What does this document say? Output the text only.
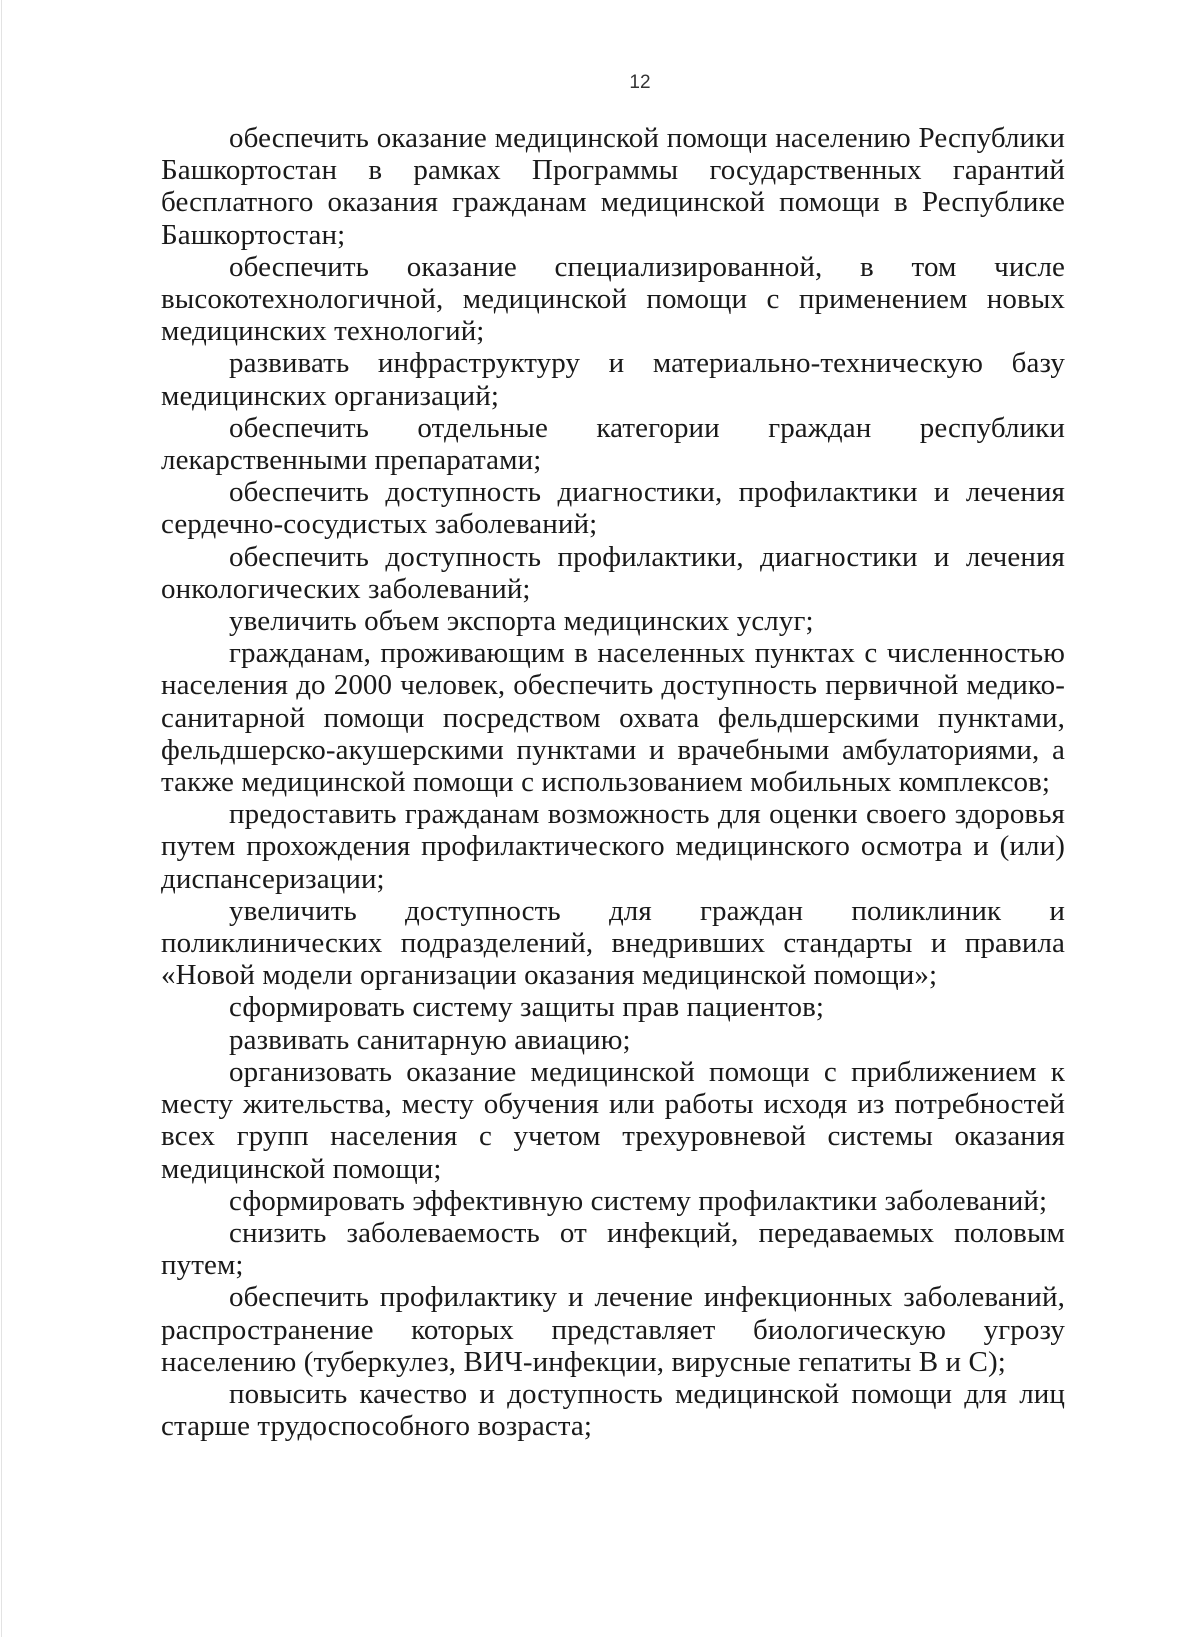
12

обеспечить оказание медицинской помощи населению Республики Башкортостан в рамках Программы государственных гарантий бесплатного оказания гражданам медицинской помощи в Республике Башкортостан;

обеспечить оказание специализированной, в том числе высокотехнологичной, медицинской помощи с применением новых медицинских технологий;

развивать инфраструктуру и материально-техническую базу медицинских организаций;

обеспечить отдельные категории граждан республики лекарственными препаратами;

обеспечить доступность диагностики, профилактики и лечения сердечно-сосудистых заболеваний;

обеспечить доступность профилактики, диагностики и лечения онкологических заболеваний;

увеличить объем экспорта медицинских услуг;

гражданам, проживающим в населенных пунктах с численностью населения до 2000 человек, обеспечить доступность первичной медико-санитарной помощи посредством охвата фельдшерскими пунктами, фельдшерско-акушерскими пунктами и врачебными амбулаториями, а также медицинской помощи с использованием мобильных комплексов;

предоставить гражданам возможность для оценки своего здоровья путем прохождения профилактического медицинского осмотра и (или) диспансеризации;

увеличить доступность для граждан поликлиник и поликлинических подразделений, внедривших стандарты и правила «Новой модели организации оказания медицинской помощи»;

сформировать систему защиты прав пациентов;

развивать санитарную авиацию;

организовать оказание медицинской помощи с приближением к месту жительства, месту обучения или работы исходя из потребностей всех групп населения с учетом трехуровневой системы оказания медицинской помощи;

сформировать эффективную систему профилактики заболеваний;

снизить заболеваемость от инфекций, передаваемых половым путем;

обеспечить профилактику и лечение инфекционных заболеваний, распространение которых представляет биологическую угрозу населению (туберкулез, ВИЧ-инфекции, вирусные гепатиты B и C);

повысить качество и доступность медицинской помощи для лиц старше трудоспособного возраста;
